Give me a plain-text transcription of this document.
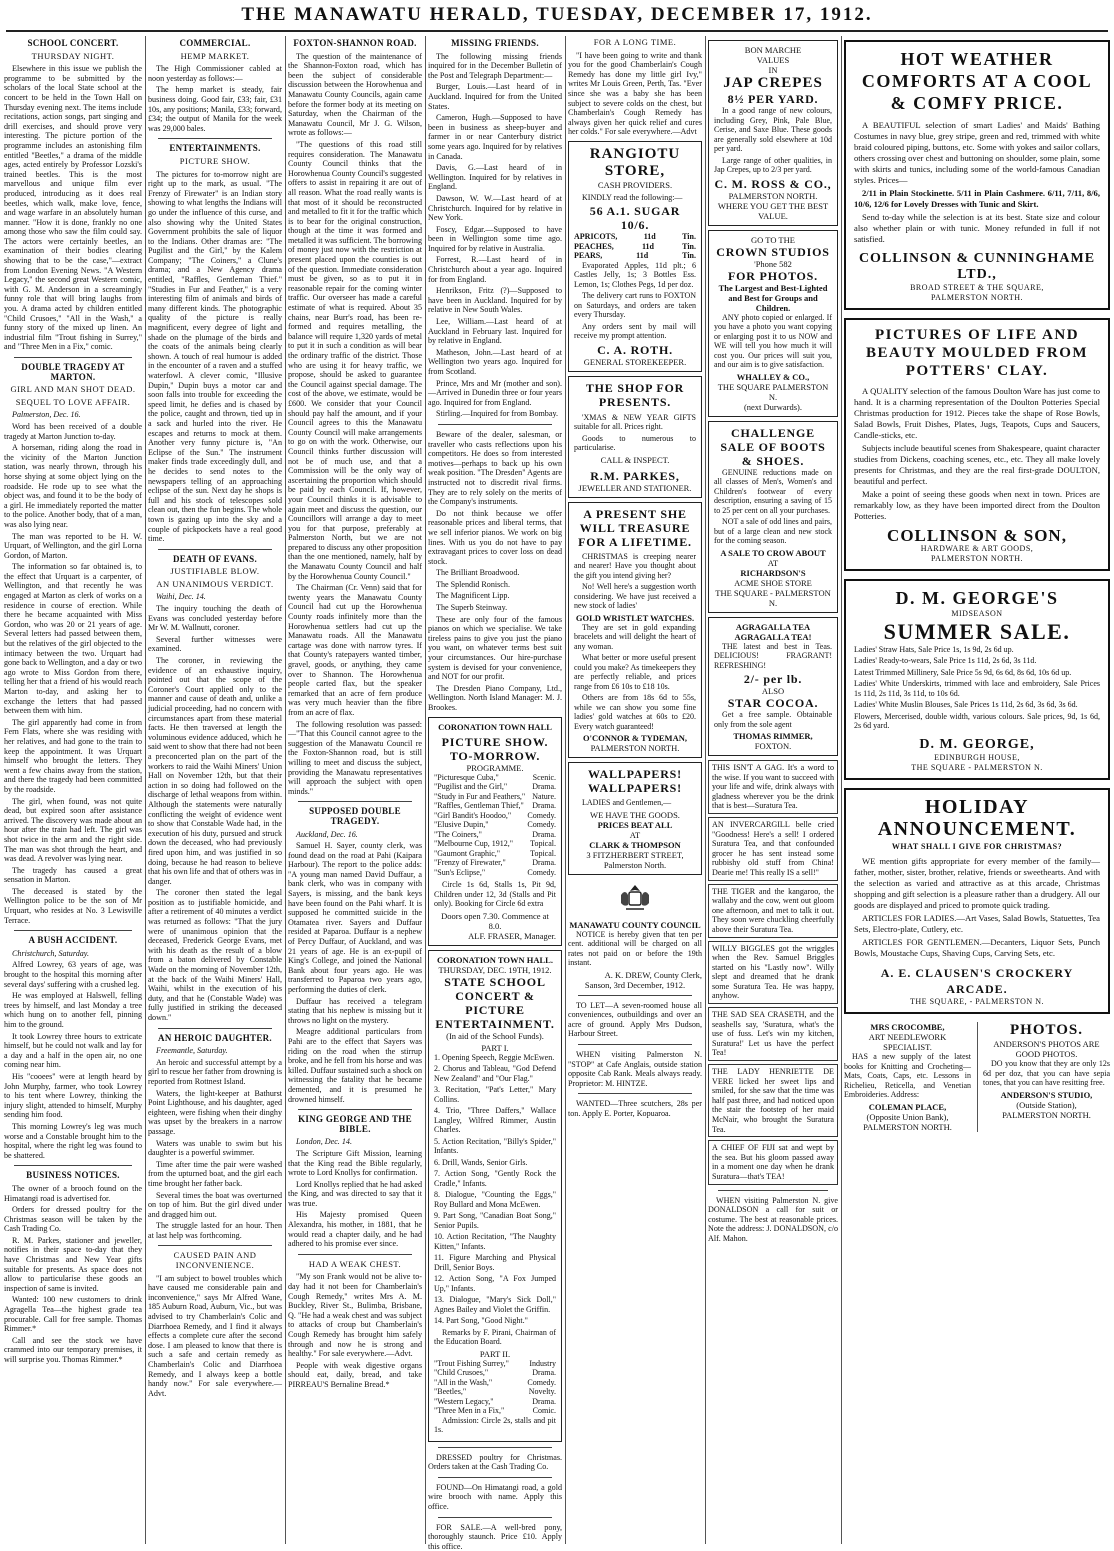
THE MANAWATU HERALD, TUESDAY, DECEMBER 17, 1912.
SCHOOL CONCERT.
THURSDAY NIGHT.

Elsewhere in this issue we publish the programme to be submitted by the scholars of the local State school at the concert to be held in the Town Hall on Thursday evening next. The items include recitations, action songs, part singing and drill exercises, and should prove very interesting. The picture portion of the programme includes an astonishing film entitled "Beetles," a drama of the middle ages, acted entirely by Professor Lozski's trained beetles. This is the most marvellous and unique film ever produced, introducing as it does real beetles, which walk, make love, fence, and wage warfare in an absolutely human manner. "How it is done, frankly no one among those who saw the film could say. The actors were certainly beetles, an examination of their bodies clearing showing that to be the case,"—extract from London Evening News. "A Western Legacy," the second great Western comic, with G. M. Anderson in a screamingly funny role that will bring laughs from you. A drama acted by children entitled "Child Crusoes," "All in the Wash," a funny story of the mixed up linen. An industrial film "Trout fishing in Surrey," and "Three Men in a Fix," comic.

DOUBLE TRAGEDY AT MARTON.
GIRL AND MAN SHOT DEAD.
SEQUEL TO LOVE AFFAIR.

Palmerston, Dec. 16.

Word has been received of a double tragedy at Marton Junction to-day.

A horseman, riding along the road in the vicinity of the Marton Junction station, was nearly thrown, through his horse shying at some object lying on the roadside. He rode up to see what the object was, and found it to be the body of a girl. He immediately reported the matter to the police. Another body, that of a man, was also lying near.

The man was reported to be H. W. Urquart, of Wellington, and the girl Lorna Gordon, of Marton.

The information so far obtained is, to the effect that Urquart is a carpenter, of Wellington, and that recently he was engaged at Marton as clerk of works on a residence in course of erection. While there he became acquainted with Miss Gordon, who was 20 or 21 years of age. Several letters had passed between them, but the relatives of the girl objected to the intimacy between the two. Urquart had gone back to Wellington, and a day or two ago wrote to Miss Gordon from there, telling her that a friend of his would reach Marton to-day, and asking her to exchange the letters that had passed between them with him.

The girl apparently had come in from Fern Flats, where she was residing with her relatives, and had gone to the train to keep the appointment. It was Urquart himself who brought the letters. They went a few chains away from the station, and there the tragedy had been committed by the roadside.

The girl, when found, was not quite dead, but expired soon after assistance arrived. The discovery was made about an hour after the train had left. The girl was shot twice in the arm and the right side. The man was shot through the heart, and was dead. A revolver was lying near.

The tragedy has caused a great sensation in Marton.

The deceased is stated by the Wellington police to be the son of Mr Urquart, who resides at No. 3 Lewisville Terrace.

A BUSH ACCIDENT.

Christchurch, Saturday.

Alfred Lowrey, 63 years of age, was brought to the hospital this morning after several days' suffering with a crushed leg.

He was employed at Halswell, felling trees by himself, and last Monday a tree which hung on to another fell, pinning him to the ground.

It took Lowrey three hours to extricate himself, but he could not walk and lay for a day and a half in the open air, no one coming near him.

His "cooees" were at length heard by John Murphy, farmer, who took Lowrey to his tent where Lowrey, thinking the injury slight, attended to himself, Murphy sending him food.

This morning Lowrey's leg was much worse and a Constable brought him to the hospital, where the right leg was found to be shattered.

BUSINESS NOTICES.

The owner of a brooch found on the Himatangi road is advertised for.

Orders for dressed poultry for the Christmas season will be taken by the Cash Trading Co.

R. M. Parkes, stationer and jeweller, notifies in their space to-day that they have Christmas and New Year gifts suitable for presents. As space does not allow to particularise these goods an inspection of same is invited.

Wanted: 100 new customers to drink Agragella Tea—the highest grade tea procurable. Call for free sample. Thomas Rimmer.*

Call and see the stock we have crammed into our temporary premises, it will surprise you. Thomas Rimmer.*

COMMERCIAL.
HEMP MARKET.

The High Commissioner cabled at noon yesterday as follows:—

The hemp market is steady, fair business doing. Good fair, £33; fair, £31 10s, any positions; Manila, £33; forward, £34; the output of Manila for the week was 29,000 bales.

ENTERTAINMENTS.
PICTURE SHOW.

The pictures for to-morrow night are right up to the mark, as usual. "The Frenzy of Firewater" is an Indian story showing to what lengths the Indians will go under the influence of this curse, and also showing why the United States Government prohibits the sale of liquor to the Indians. Other dramas are: "The Pugilist and the Girl," by the Kalem Company; "The Coiners," a Clune's drama; and a New Agency drama entitled, "Raffles, Gentleman Thief." "Studies in Fur and Feather," is a very interesting film of animals and birds of many different kinds. The photographic quality of the picture is really magnificent, every degree of light and shade on the plumage of the birds and the coats of the animals being clearly shown. A touch of real humour is added in the encounter of a raven and a stuffed waterfowl. A clever comic, "Illusive Dupin," Dupin buys a motor car and soon falls into trouble for exceeding the speed limit, he defies and is chased by the police, caught and thrown, tied up in a sack and hurled into the river. He escapes and returns to mock at them. Another very funny picture is, "An Eclipse of the Sun." The instrument maker finds trade exceedingly dull, and he decides to send notes to the newspapers telling of an approaching eclipse of the sun. Next day he shops is full and his stock of telescopes sold clean out, then the fun begins. The whole town is gazing up into the sky and a couple of pickpockets have a real good time.

DEATH OF EVANS.
JUSTIFIABLE BLOW.
AN UNANIMOUS VERDICT.

Waihi, Dec. 14.

The inquiry touching the death of Evans was concluded yesterday before Mr W. M. Wallnutt, coroner.

Several further witnesses were examined.

The coroner, in reviewing the evidence of an exhaustive inquiry, pointed out that the scope of the Coroner's Court applied only to the manner and cause of death and, unlike a judicial proceeding, had no concern with circumstances apart from these material facts. He then traversed at length the voluminous evidence adduced, which he said went to show that there had not been a preconcerted plan on the part of the workers to raid the Waihi Miners' Union Hall on November 12th, but that their action in so doing had followed on the discharge of lethal weapons from within. Although the statements were naturally conflicting the weight of evidence went to show that Constable Wade had, in the execution of his duty, pursued and struck down the deceased, who had previously fired upon him, and was justified in so doing, because he had reason to believe that his own life and that of others was in danger.

The coroner then stated the legal position as to justifiable homicide, and after a retirement of 40 minutes a verdict was returned as follows: "That the jury were of unanimous opinion that the deceased, Frederick George Evans, met with his death as the result of a blow from a baton delivered by Constable Wade on the morning of November 12th, at the back of the Waihi Miners' Hall, Waihi, whilst in the execution of his duty, and that he (Constable Wade) was fully justified in striking the deceased down."

AN HEROIC DAUGHTER.

Freemantle, Saturday.

An heroic and successful attempt by a girl to rescue her father from drowning is reported from Rottnest Island.

Waters, the light-keeper at Bathurst Point Lighthouse, and his daughter, aged eighteen, were fishing when their dinghy was upset by the breakers in a narrow passage.

Waters was unable to swim but his daughter is a powerful swimmer.

Time after time the pair were washed from the upturned boat, and the girl each time brought her father back.

Several times the boat was overturned on top of him. But the girl dived under and dragged him out.

The struggle lasted for an hour. Then at last help was forthcoming.

CAUSED PAIN AND INCONVENIENCE.

"I am subject to bowel troubles which have caused me considerable pain and inconvenience," says Mr Alfred Wane, 185 Auburn Road, Auburn, Vic., but was advised to try Chamberlain's Colic and Diarrhoea Remedy, and I find it always effects a complete cure after the second dose. I am pleased to know that there is such a safe and certain remedy as Chamberlain's Colic and Diarrhoea Remedy, and I always keep a bottle handy now." For sale everywhere.—Advt.

FOXTON-SHANNON ROAD.

The question of the maintenance of the Shannon-Foxton road, which has been the subject of considerable discussion between the Horowhenua and Manawatu County Councils, again came before the former body at its meeting on Saturday, when the Chairman of the Manawatu Council, Mr J. G. Wilson, wrote as follows:—

"The questions of this road still requires consideration. The Manawatu County Council thinks that the Horowhenua County Council's suggested offers to assist in repairing it are out of all reason. What the road really wants is that most of it should be reconstructed and metalled to fit it for the traffic which is to bear for the original construction, though at the time it was formed and metalled it was sufficient. The borrowing of money just now with the restriction at present placed upon the counties is out of the question. Immediate consideration must be given, so as to put it in reasonable repair for the coming winter traffic. Our overseer has made a careful estimate of what is required. About 35 chains, near Burr's road, has been re-formed and requires metalling, the balance will require 1,320 yards of metal to put it in such a condition as will bear the ordinary traffic of the district. Those who are using it for heavy traffic, we propose, should be asked to guarantee the Council against special damage. The cost of the above, we estimate, would be £600. We consider that your Council should pay half the amount, and if your Council agrees to this the Manawatu County Council will make arrangements to go on with the work. Otherwise, our Council thinks further discussion will not be of much use, and that a Commission will be the only way of ascertaining the proportion which should be paid by each Council. If, however, your Council thinks it is advisable to again meet and discuss the question, our Councillors will arrange a day to meet you for that purpose, preferably at Palmerston North, but we are not prepared to discuss any other proposition than the one mentioned, namely, half by the Manawatu County Council and half by the Horowhenua County Council."

The Chairman (Cr. Venn) said that for twenty years the Manawatu County Council had cut up the Horowhenua County roads infinitely more than the Horowhenua settlers had cut up the Manawatu roads. All the Manawatu cartage was done with narrow tyres. If that County's ratepayers wanted timber, gravel, goods, or anything, they came over to Shannon. The Horowhenua people carted flax, but the speaker remarked that an acre of fern produce was very much heavier than the fibre from an acre of flax.

The following resolution was passed:—"That this Council cannot agree to the suggestion of the Manawatu Council re the Foxton-Shannon road, but is still willing to meet and discuss the subject, providing the Manawatu representatives will approach the subject with open minds."

SUPPOSED DOUBLE TRAGEDY.

Auckland, Dec. 16.

Samuel H. Sayer, county clerk, was found dead on the road at Pahi (Kaipara Harbour). The report to the police adds: "A young man named David Duffaur, a bank clerk, who was in company with Sayers, is missing, and the bank keys have been found on the Pahi wharf. It is supposed he committed suicide in the Otamatea river. Sayers and Duffaur resided at Paparoa. Duffaur is a nephew of Percy Duffaur, of Auckland, and was 21 years of age. He is an ex-pupil of King's College, and joined the National Bank about four years ago. He was transferred to Paparoa two years ago, performing the duties of clerk.

Duffaur has received a telegram stating that his nephew is missing but it throws no light on the mystery.

Meagre additional particulars from Pahi are to the effect that Sayers was riding on the road when the stirrup broke, and he fell from his horse and was killed. Duffaur sustained such a shock on witnessing the fatality that he became demented, and it is presumed he drowned himself.

KING GEORGE AND THE BIBLE.

London, Dec. 14.

The Scripture Gift Mission, learning that the King read the Bible regularly, wrote to Lord Knollys for confirmation.

Lord Knollys replied that he had asked the King, and was directed to say that it was true.

His Majesty promised Queen Alexandra, his mother, in 1881, that he would read a chapter daily, and he had adhered to his promise ever since.

HAD A WEAK CHEST.

"My son Frank would not be alive to-day had it not been for Chamberlain's Cough Remedy," writes Mrs A. M. Buckley, River St., Bulimba, Brisbane, Q. "He had a weak chest and was subject to attacks of croup but Chamberlain's Cough Remedy has brought him safely through and now he is strong and healthy." For sale everywhere.—Advt.

People with weak digestive organs should eat, daily, bread, and take PIRREAU'S Bernaline Bread.*

MISSING FRIENDS.

The following missing friends inquired for in the December Bulletin of the Post and Telegraph Department:—

Burger, Louis.—Last heard of in Auckland. Inquired for from the United States.

Cameron, Hugh.—Supposed to have been in business as sheep-buyer and farmer in or near Canterbury district some years ago. Inquired for by relatives in Canada.

Davis, G.—Last heard of in Wellington. Inquired for by relatives in England.

Dawson, W. W.—Last heard of at Christchurch. Inquired for by relative in New York.

Foscy, Edgar.—Supposed to have been in Wellington some time ago. Inquired for by relative in Australia.

Forrest, R.—Last heard of in Christchurch about a year ago. Inquired for from England.

Henrikson, Fritz (?)—Supposed to have been in Auckland. Inquired for by relative in New South Wales.

Lee, William.—Last heard of at Auckland in February last. Inquired for by relative in England.

Matheson, John.—Last heard of at Wellington two years ago. Inquired for from Scotland.

Prince, Mrs and Mr (mother and son).—Arrived in Dunedin three or four years ago. Inquired for from England.

Stirling.—Inquired for from Bombay.

Beware of the dealer, salesman, or traveller who casts reflections upon his competitors. He does so from interested motives—perhaps to back up his own weak position. "The Dresden" Agents are instructed not to discredit rival firms. They are to rely solely on the merits of the Company's instruments.

Do not think because we offer reasonable prices and liberal terms, that we sell inferior pianos. We work on big lines. With us you do not have to pay extravagant prices to cover loss on dead stock.

The Brilliant Broadwood.

The Splendid Ronisch.

The Magnificent Lipp.

The Superb Steinway.

These are only four of the famous pianos on which we specialise. We take tireless pains to give you just the piano you want, on whatever terms best suit your circumstances. Our hire-purchase system is devised for your convenience, and NOT for our profit.

The Dresden Piano Company, Ltd., Wellington. North Island Manager: M. J. Brookes.

CORONATION TOWN HALL
PICTURE SHOW.
TO-MORROW.
PROGRAMME.
"Picturesque Cuba,"	Scenic.
"Pugilist and the Girl,"	Drama.
"Study in Fur and Feathers," Nature.
"Raffles, Gentleman Thief," Drama.
"Girl Bandit's Hoodoo," Comedy.
"Elusive Dupin,"	Comedy.
"The Coiners,"	Drama.
"Melbourne Cup, 1912," Topical.
"Gaumont Graphic,"	Topical.
"Frenzy of Firewater,"	Drama.
"Sun's Eclipse,"	Comedy.

Circle 1s 6d, Stalls 1s, Pit 9d, Children under 12, 3d (Stalls and Pit only). Booking for Circle 6d extra

Doors open 7.30. Commence at 8.0.
ALF. FRASER, Manager.
CORONATION TOWN HALL.
THURSDAY, DEC. 19TH, 1912.
STATE SCHOOL CONCERT & PICTURE ENTERTAINMENT.
(In aid of the School Funds).
PART I.

1. Opening Speech, Reggie McEwen.

2. Chorus and Tableau, "God Defend New Zealand" and "Our Flag."

3. Recitation, "Pat's Letter," Mary Collins.

4. Trio, "Three Daffers," Wallace Langley, Wilfred Rimmer, Austin Charles.

5. Action Recitation, "Billy's Spider," Infants.

6. Drill, Wands, Senior Girls.

7. Action Song, "Gently Rock the Cradle," Infants.

8. Dialogue, "Counting the Eggs," Roy Bullard and Mona McEwen.

9. Part Song, "Canadian Boat Song," Senior Pupils.

10. Action Recitation, "The Naughty Kitten," Infants.

11. Figure Marching and Physical Drill, Senior Boys.

12. Action Song, "A Fox Jumped Up," Infants.

13. Dialogue, "Mary's Sick Doll," Agnes Bailey and Violet the Griffin.

14. Part Song, "Good Night."

Remarks by F. Pirani, Chairman of the Education Board.

PART II.
"Trout Fishing Surrey,"	Industry
"Child Crusoes,"	Drama.
"All in the Wash,"	Comedy.
"Beetles,"	Novelty.
"Western Legacy,"	Drama.
"Three Men in a Fix,"	Comic.

Admission: Circle 2s, stalls and pit 1s.

DRESSED poultry for Christmas. Orders taken at the Cash Trading Co.

FOUND—On Himatangi road, a gold wire brooch with name. Apply this office.

FOR SALE.—A well-bred pony, thoroughly staunch. Price £10. Apply this office.

FOR A LONG TIME.

"I have been going to write and thank you for the good Chamberlain's Cough Remedy has done my little girl Ivy," writes Mr Louis Green, Perth, Tas. "Ever since she was a baby she has been subject to severe colds on the chest, but Chamberlain's Cough Remedy has always given her quick relief and cures her colds." For sale everywhere.—Advt

RANGIOTU STORE,
CASH PROVIDERS.

KINDLY read the following:—

56 A.1. SUGAR 10/6.
APRICOTS,	11d	Tin.
PEACHES,	11d	Tin.
PEARS,	11d	Tin.

Evaporated Apples, 11d plt.; 6 Castles Jelly, 1s; 3 Bottles Ess. Lemon, 1s; Clothes Pegs, 1d per doz.

The delivery cart runs to FOXTON on Saturdays, and orders are taken every Thursday.

Any orders sent by mail will receive my prompt attention.

C. A. ROTH.
GENERAL STOREKEEPER.
THE SHOP FOR PRESENTS.

'XMAS & NEW YEAR GIFTS suitable for all. Prices right.

Goods to numerous to particularise.

CALL & INSPECT.
R.M. PARKES,
JEWELLER AND STATIONER.
A PRESENT SHE WILL TREASURE FOR A LIFETIME.

CHRISTMAS is creeping nearer and nearer! Have you thought about the gift you intend giving her?

No! Well here's a suggestion worth considering. We have just received a new stock of ladies'

GOLD WRISTLET WATCHES.

They are set in gold expanding bracelets and will delight the heart of any woman.

What better or more useful present could you make? As timekeepers they are perfectly reliable, and prices range from £6 10s to £18 10s.

Others are from 18s 6d to 55s, while we can show you some fine ladies' gold watches at 60s to £20. Every watch guaranteed!

O'CONNOR & TYDEMAN,
PALMERSTON NORTH.
WALLPAPERS! WALLPAPERS!

LADIES and Gentlemen,—

WE HAVE THE GOODS.
PRICES BEAT ALL
AT
CLARK & THOMPSON
3 FITZHERBERT STREET,
Palmerston North.
MANAWATU COUNTY COUNCIL

NOTICE is hereby given that ten per cent. additional will be charged on all rates not paid on or before the 19th instant.

A. K. DREW, County Clerk,
Sanson, 3rd December, 1912.

TO LET—A seven-roomed house all conveniences, outbuildings and over an acre of ground. Apply Mrs Dudson, Harbour Street.

WHEN visiting Palmerston N. "STOP" at Cafe Anglais, outside station opposite Cab Rank. Meals always ready. Proprietor: M. HINTZE.

WANTED—Three scutchers, 28s per ton. Apply E. Porter, Kopuaroa.

BON MARCHE
VALUES
IN
JAP CREPES
8½ PER YARD.

In a good range of new colours, including Grey, Pink, Pale Blue, Cerise, and Saxe Blue. These goods are generally sold elsewhere at 10d per yard.

Large range of other qualities, in Jap Crepes, up to 2/3 per yard.

C. M. ROSS & CO.,
PALMERSTON NORTH.
WHERE YOU GET THE BEST VALUE.
GO TO THE
CROWN STUDIOS
'Phone 582
FOR PHOTOS.
The Largest and Best-Lighted and Best for Groups and Children.

ANY photo copied or enlarged. If you have a photo you want copying or enlarging post it to us NOW and WE will tell you how much it will cost you. Our prices will suit you, and our aim is to give satisfaction.

WHALLEY & CO.,
THE SQUARE PALMERSTON N.
(next Durwards).
CHALLENGE SALE OF BOOTS & SHOES.

GENUINE reductions made on all classes of Men's, Women's and Children's footwear of every description, ensuring a saving of 15 to 25 per cent on all your purchases.

NOT a sale of odd lines and pairs, but of a large clean and new stock for the coming season.

A SALE TO CROW ABOUT
AT
RICHARDSON'S
ACME SHOE STORE
THE SQUARE - PALMERSTON N.
AGRAGALLA TEA
AGRAGALLA TEA!

THE latest and best in Teas. DELICIOUS! FRAGRANT! REFRESHING!

2/- per lb.
ALSO
STAR COCOA.

Get a free sample. Obtainable only from the sole agent

THOMAS RIMMER,
FOXTON.

THIS ISN'T A GAG. It's a word to the wise. If you want to succeed with your life and wife, drink always with gladness wherever you be the drink that is best—Suratura Tea.

AN INVERCARGILL belle cried "Goodness! Here's a sell! I ordered Suratura Tea, and that confounded grocer he has sent instead some rubbishy old stuff from China! Dearie me! This really IS a sell!"

THE TIGER and the kangaroo, the wallaby and the cow, went out gloom one afternoon, and met to talk it out. They soon were chuckling cheerfully above their Suratura Tea.

WILLY BIGGLES got the wriggles when the Rev. Samuel Briggles started on his "Lastly now". Willy slept and dreamed that he drank some Suratura Tea. He was happy, anyhow.

THE SAD SEA CRASETH, and the seashells say, 'Suratura, what's the use of fuss. Let's win my kitchen, Suratura!' Let us have the perfect Tea!

THE LADY HENRIETTE DE VERE licked her sweet lips and smiled, for she saw that the time was half past three, and had noticed upon the stair the footstep of her maid McNair, who brought the Suratura Tea.

A CHIEF OF FIJI sat and wept by the sea. But his gloom passed away in a moment one day when he drank Suratura—that's TEA!

WHEN visiting Palmerston N. give DONALDSON a call for suit or costume. The best at reasonable prices. Note the address: J. DONALDSON, c/o Alf. Mahon.

HOT WEATHER COMFORTS AT A COOL & COMFY PRICE.

A BEAUTIFUL selection of smart Ladies' and Maids' Bathing Costumes in navy blue, grey stripe, green and red, trimmed with white braid coloured piping, buttons, etc. Some with yokes and sailor collars, others crossing over chest and buttoning on shoulder, some plain, some with skirts and tunics, including some of the world-famous Canadian styles. Prices—

2/11 in Plain Stockinette. 5/11 in Plain Cashmere. 6/11, 7/11, 8/6, 10/6, 12/6 for Lovely Dresses with Tunic and Skirt.

Send to-day while the selection is at its best. State size and colour also whether plain or with tunic. Money refunded in full if not satisfied.

COLLINSON & CUNNINGHAME LTD.,
BROAD STREET & THE SQUARE,
PALMERSTON NORTH.
PICTURES OF LIFE AND BEAUTY MOULDED FROM POTTERS' CLAY.

A QUALITY selection of the famous Doulton Ware has just come to hand. It is a charming representation of the Doulton Potteries Special Christmas production for 1912. Pieces take the shape of Rose Bowls, Salad Bowls, Fruit Dishes, Plates, Jugs, Teapots, Cups and Saucers, Candle-sticks, etc.

Subjects include beautiful scenes from Shakespeare, quaint character studies from Dickens, coaching scenes, etc., etc. They all make lovely presents for Christmas, and they are the real first-grade DOULTON, beautiful and perfect.

Make a point of seeing these goods when next in town. Prices are remarkably low, as they have been imported direct from the Doulton Potteries.

COLLINSON & SON,
HARDWARE & ART GOODS,
PALMERSTON NORTH.
D. M. GEORGE'S
MIDSEASON
SUMMER SALE.

Ladies' Straw Hats, Sale Price 1s, 1s 9d, 2s 6d up.

Ladies' Ready-to-wears, Sale Price 1s 11d, 2s 6d, 3s 11d.

Latest Trimmed Millinery, Sale Price 5s 9d, 6s 6d, 8s 6d, 10s 6d up.

Ladies' White Underskirts, trimmed with lace and embroidery, Sale Prices 1s 11d, 2s 11d, 3s 11d, to 10s 6d.

Ladies' White Muslin Blouses, Sale Prices 1s 11d, 2s 6d, 3s 6d, 3s 6d.

Flowers, Mercerised, double width, various colours. Sale prices, 9d, 1s 6d, 2s 6d yard.

D. M. GEORGE,
EDINBURGH HOUSE,
THE SQUARE - PALMERSTON N.
HOLIDAY ANNOUNCEMENT.
WHAT SHALL I GIVE FOR CHRISTMAS?

WE mention gifts appropriate for every member of the family—father, mother, sister, brother, relative, friends or sweethearts. And with the selection as varied and attractive as at this arcade, Christmas shopping and gift selection is a pleasure rather than a drudgery. All our goods are displayed and priced to promote quick trading.

ARTICLES FOR LADIES.—Art Vases, Salad Bowls, Statuettes, Tea Sets, Electro-plate, Cutlery, etc.

ARTICLES FOR GENTLEMEN.—Decanters, Liquor Sets, Punch Bowls, Moustache Cups, Shaving Cups, Carving Sets, etc.

A. E. CLAUSEN'S CROCKERY ARCADE.
THE SQUARE, - PALMERSTON N.
MRS CROCOMBE,
ART NEEDLEWORK
SPECIALIST.

HAS a new supply of the latest books for Knitting and Crocheting—Mats, Coats, Caps, etc. Lessons in Richelieu, Reticella, and Venetian Embroideries. Address:

COLEMAN PLACE,
(Opposite Union Bank),
PALMERSTON NORTH.
PHOTOS.
ANDERSON'S PHOTOS ARE GOOD PHOTOS.

DO you know that they are only 12s 6d per doz, that you can have sepia tones, that you can have resitting free.

ANDERSON'S STUDIO,
(Outside Station),
PALMERSTON NORTH.
